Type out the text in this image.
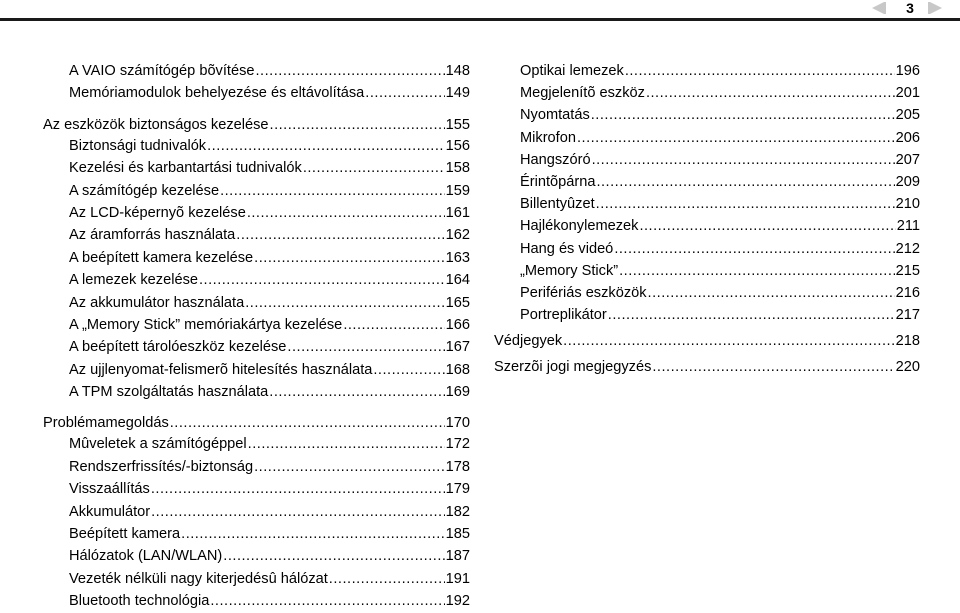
3
A VAIO számítógép bõvítése .....	148
Memóriamodulok behelyezése és eltávolítása .....	149
Az eszközök biztonságos kezelése .....	155
Biztonsági tudnivalók .....	156
Kezelési és karbantartási tudnivalók .....	158
A számítógép kezelése .....	159
Az LCD-képernyõ kezelése .....	161
Az áramforrás használata .....	162
A beépített kamera kezelése .....	163
A lemezek kezelése .....	164
Az akkumulátor használata .....	165
A „Memory Stick” memóriakártya kezelése .....	166
A beépített tárolóeszköz kezelése .....	167
Az ujjlenyomat-felismerõ hitelesítés használata .....	168
A TPM szolgáltatás használata .....	169
Problémamegoldás .....	170
Mûveletek a számítógéppel .....	172
Rendszerfrissítés/-biztonság .....	178
Visszaállítás .....	179
Akkumulátor .....	182
Beépített kamera .....	185
Hálózatok (LAN/WLAN) .....	187
Vezeték nélküli nagy kiterjedésû hálózat .....	191
Bluetooth technológia .....	192
Optikai lemezek .....	196
Megjelenítõ eszköz .....	201
Nyomtatás .....	205
Mikrofon .....	206
Hangszóró .....	207
Érintõpárna .....	209
Billentyûzet .....	210
Hajlékonylemezek .....	211
Hang és videó .....	212
„Memory Stick” .....	215
Perifériás eszközök .....	216
Portreplikátor .....	217
Védjegyek .....	218
Szerzõi jogi megjegyzés .....	220
